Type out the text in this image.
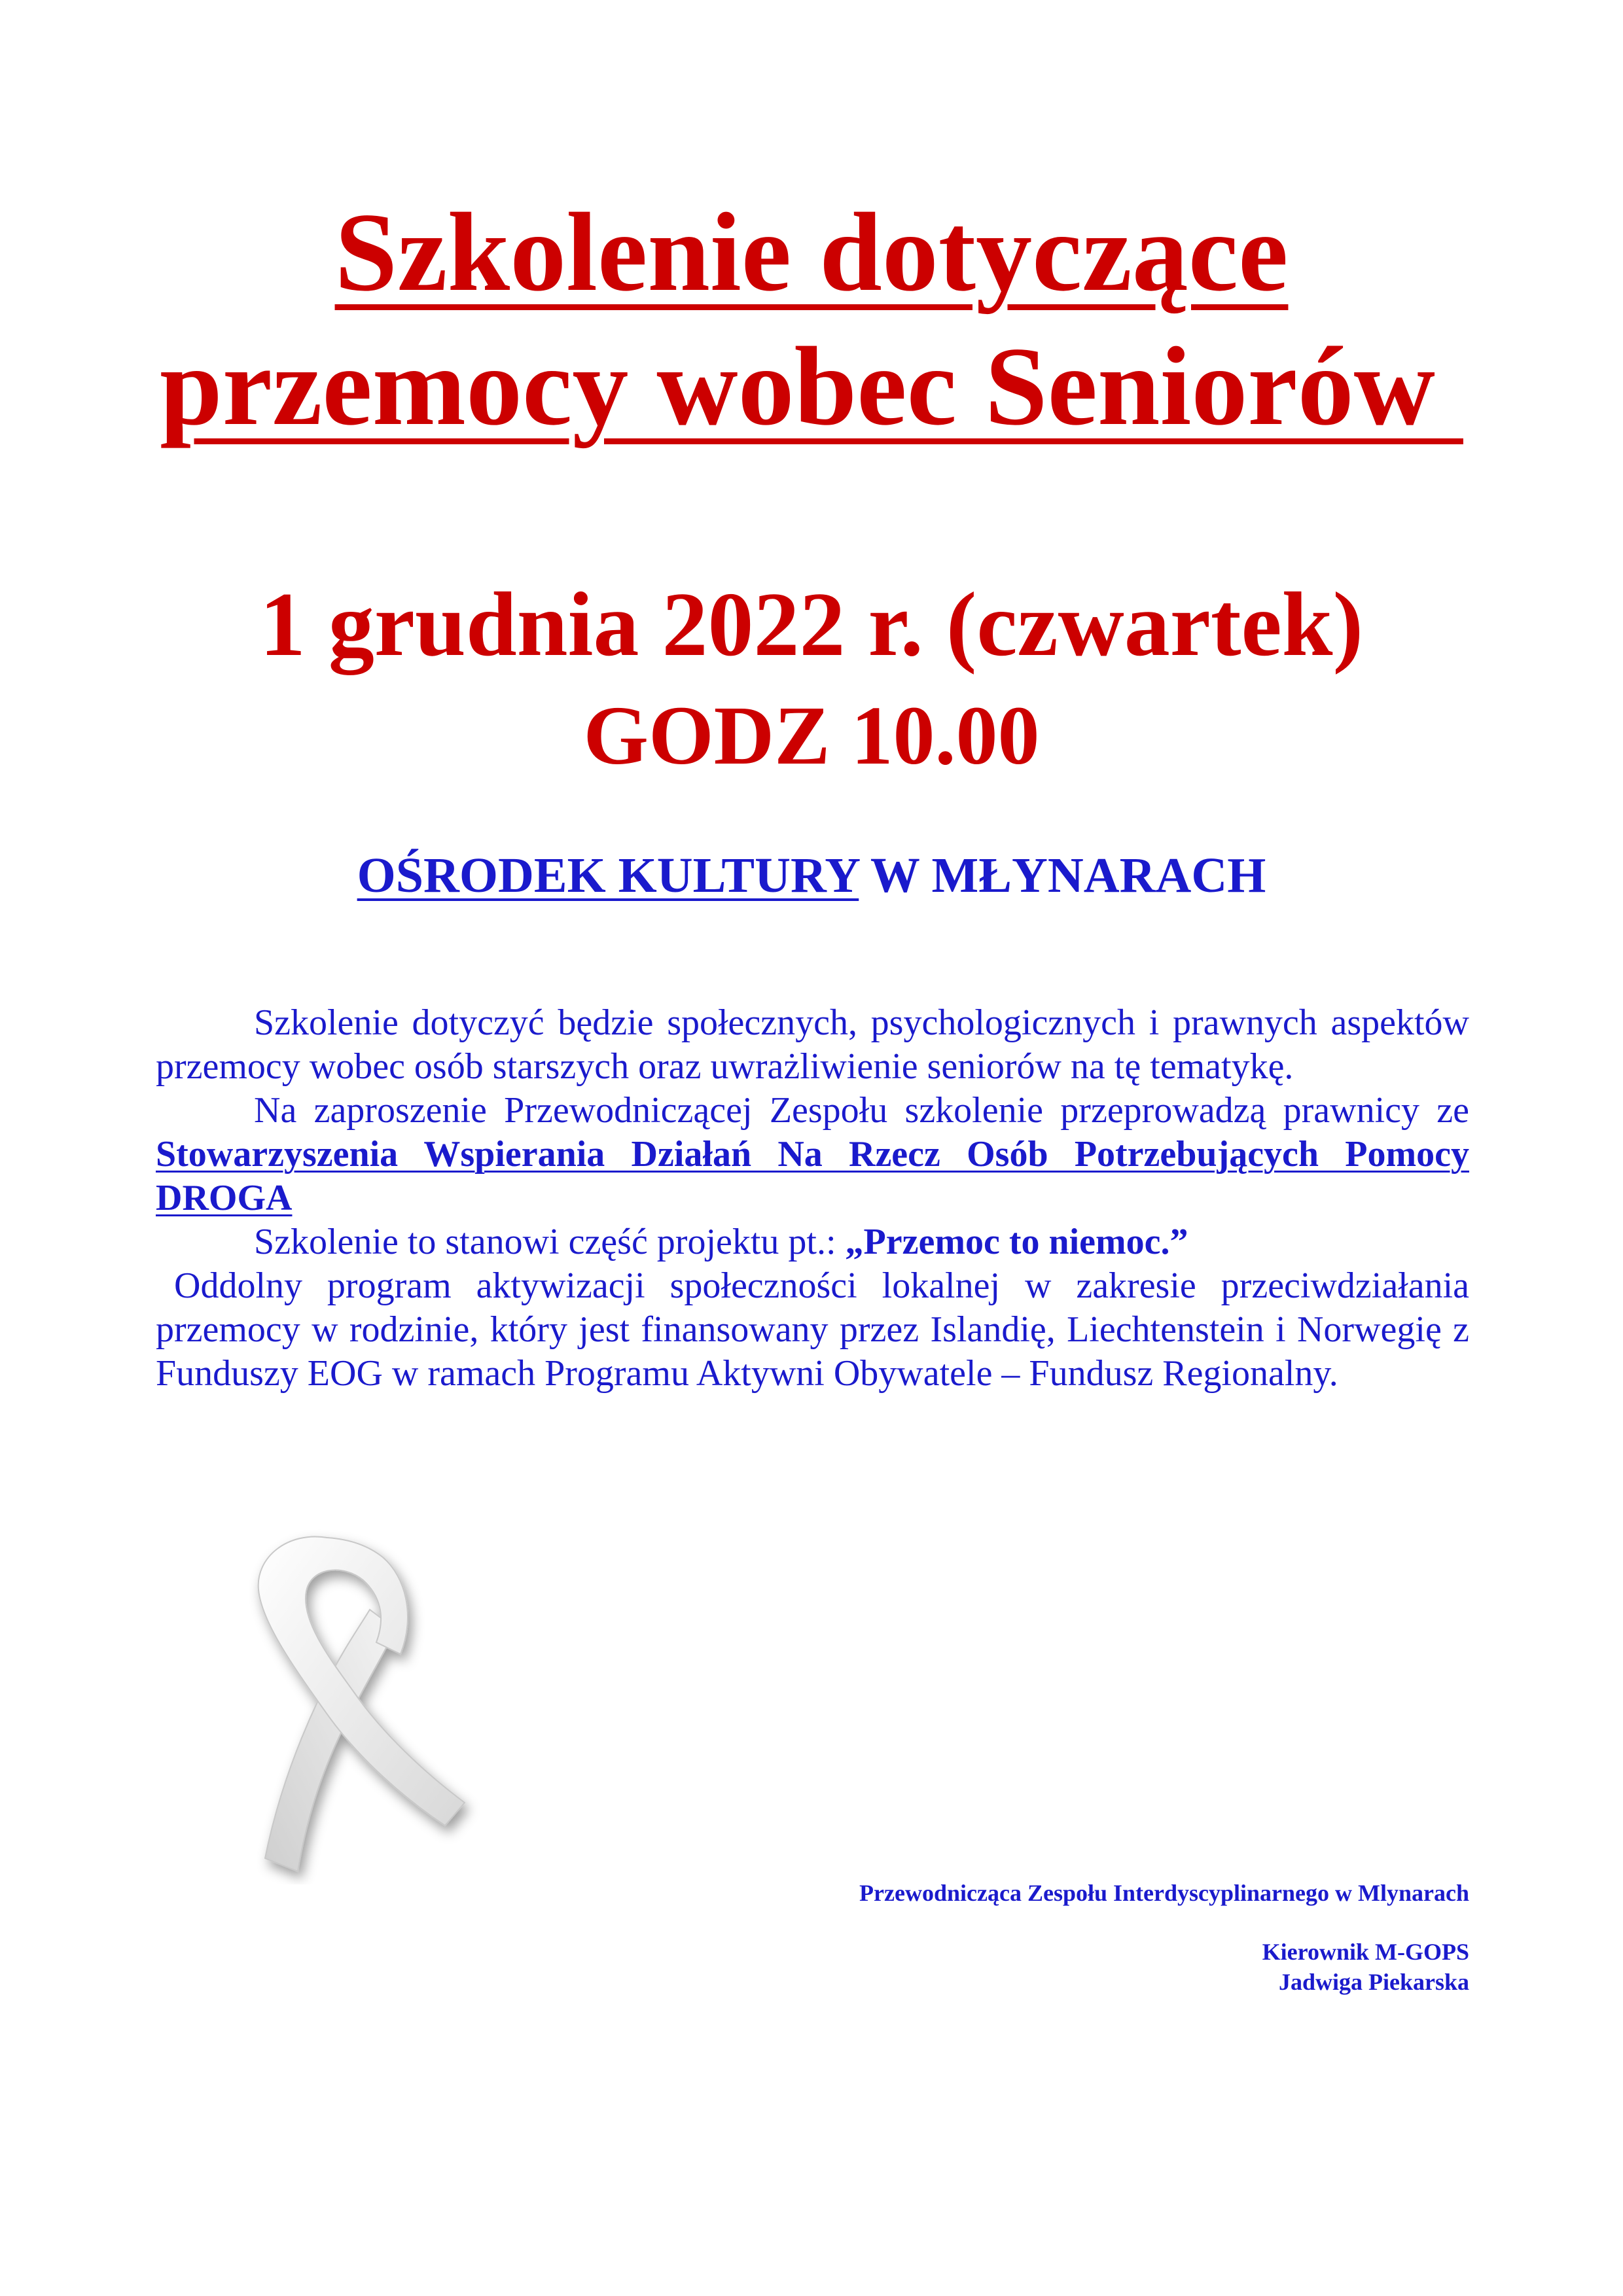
Szkolenie dotyczące
przemocy wobec Seniorów
1 grudnia 2022 r. (czwartek)
GODZ 10.00
OŚRODEK KULTURY W MŁYNARACH

Szkolenie dotyczyć będzie społecznych, psychologicznych i prawnych aspektów przemocy wobec osób starszych oraz uwrażliwienie seniorów na tę tematykę.

Na zaproszenie Przewodniczącej Zespołu szkolenie przeprowadzą prawnicy ze Stowarzyszenia Wspierania Działań Na Rzecz Osób Potrzebujących Pomocy DROGA

Szkolenie to stanowi część projektu pt.: „Przemoc to niemoc.”

Oddolny program aktywizacji społeczności lokalnej w zakresie przeciwdziałania przemocy w rodzinie, który jest finansowany przez Islandię, Liechtenstein i Norwegię z Funduszy EOG w ramach Programu Aktywni Obywatele – Fundusz Regionalny.

Przewodnicząca Zespołu Interdyscyplinarnego w Mlynarach

Kierownik M-GOPS

Jadwiga Piekarska
